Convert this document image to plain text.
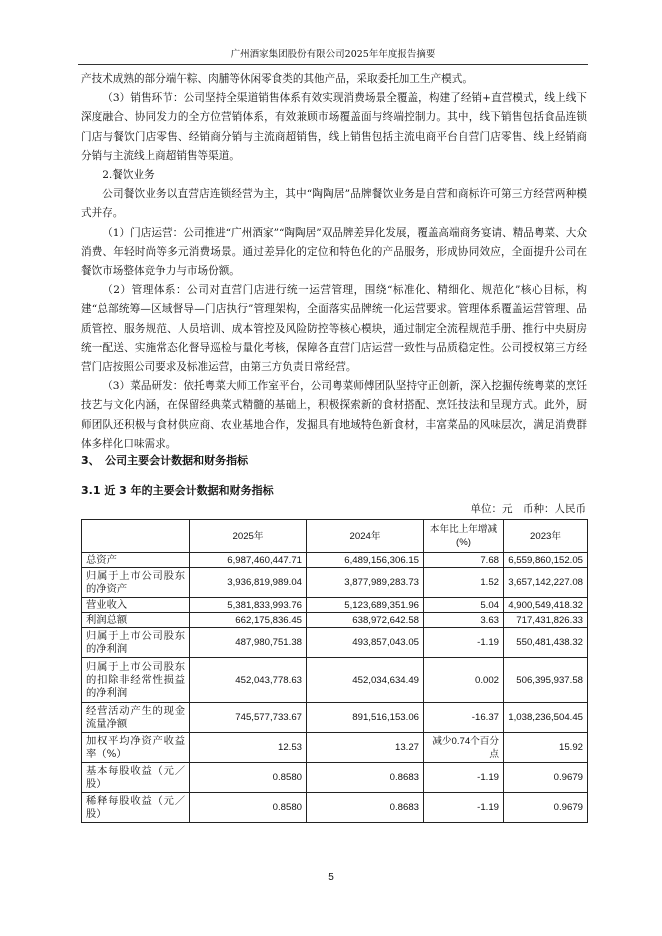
广州酒家集团股份有限公司2025年年度报告摘要

产技术成熟的部分端午粽、肉脯等休闲零食类的其他产品，采取委托加工生产模式。

（3）销售环节：公司坚持全渠道销售体系有效实现消费场景全覆盖，构建了经销+直营模式，线上线下深度融合、协同发力的全方位营销体系，有效兼顾市场覆盖面与终端控制力。其中，线下销售包括食品连锁门店与餐饮门店零售、经销商分销与主流商超销售，线上销售包括主流电商平台自营门店零售、线上经销商分销与主流线上商超销售等渠道。

2.餐饮业务

公司餐饮业务以直营店连锁经营为主，其中“陶陶居”品牌餐饮业务是自营和商标许可第三方经营两种模式并存。

（1）门店运营：公司推进“广州酒家”“陶陶居”双品牌差异化发展，覆盖高端商务宴请、精品粤菜、大众消费、年轻时尚等多元消费场景。通过差异化的定位和特色化的产品服务，形成协同效应，全面提升公司在餐饮市场整体竞争力与市场份额。

（2）管理体系：公司对直营门店进行统一运营管理，围绕“标准化、精细化、规范化”核心目标，构建“总部统筹—区域督导—门店执行”管理架构，全面落实品牌统一化运营要求。管理体系覆盖运营管理、品质管控、服务规范、人员培训、成本管控及风险防控等核心模块，通过制定全流程规范手册、推行中央厨房统一配送、实施常态化督导巡检与量化考核，保障各直营门店运营一致性与品质稳定性。公司授权第三方经营门店按照公司要求及标准运营，由第三方负责日常经营。

（3）菜品研发：依托粤菜大师工作室平台，公司粤菜师傅团队坚持守正创新，深入挖掘传统粤菜的烹饪技艺与文化内涵，在保留经典菜式精髓的基础上，积极探索新的食材搭配、烹饪技法和呈现方式。此外，厨师团队还积极与食材供应商、农业基地合作，发掘具有地域特色新食材，丰富菜品的风味层次，满足消费群体多样化口味需求。

3、　公司主要会计数据和财务指标
3.1 近 3 年的主要会计数据和财务指标
单位：元　币种：人民币
	2025年	2024年	本年比上年增减(%)	2023年
总资产	6,987,460,447.71	6,489,156,306.15	7.68	6,559,860,152.05
归属于上市公司股东的净资产	3,936,819,989.04	3,877,989,283.73	1.52	3,657,142,227.08
营业收入	5,381,833,993.76	5,123,689,351.96	5.04	4,900,549,418.32
利润总额	662,175,836.45	638,972,642.58	3.63	717,431,826.33
归属于上市公司股东的净利润	487,980,751.38	493,857,043.05	-1.19	550,481,438.32
归属于上市公司股东的扣除非经常性损益的净利润	452,043,778.63	452,034,634.49	0.002	506,395,937.58
经营活动产生的现金流量净额	745,577,733.67	891,516,153.06	-16.37	1,038,236,504.45
加权平均净资产收益率（%）	12.53	13.27	减少0.74个百分点	15.92
基本每股收益（元／股）	0.8580	0.8683	-1.19	0.9679
稀释每股收益（元／股）	0.8580	0.8683	-1.19	0.9679
5
